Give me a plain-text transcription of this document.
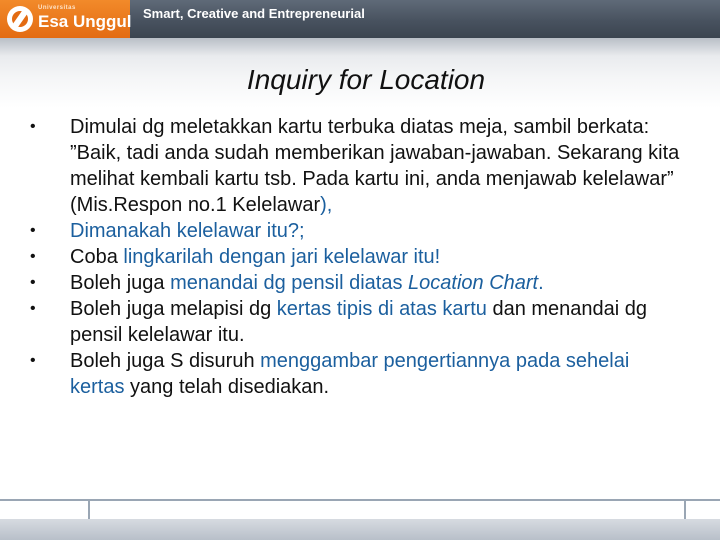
Universitas
Esa Unggul Smart, Creative and Entrepreneurial
Inquiry for Location
• Dimulai dg meletakkan kartu terbuka diatas meja, sambil berkata: ”Baik, tadi anda sudah memberikan jawaban-jawaban. Sekarang kita melihat kembali kartu tsb. Pada kartu ini, anda menjawab kelelawar” (Mis.Respon no.1 Kelelawar),
• Dimanakah kelelawar itu?;
• Coba lingkarilah dengan jari kelelawar itu!
• Boleh juga menandai dg pensil diatas Location Chart.
• Boleh juga melapisi dg kertas tipis di atas kartu dan menandai dg pensil kelelawar itu.
• Boleh juga S disuruh menggambar pengertiannya pada sehelai kertas yang telah disediakan.
